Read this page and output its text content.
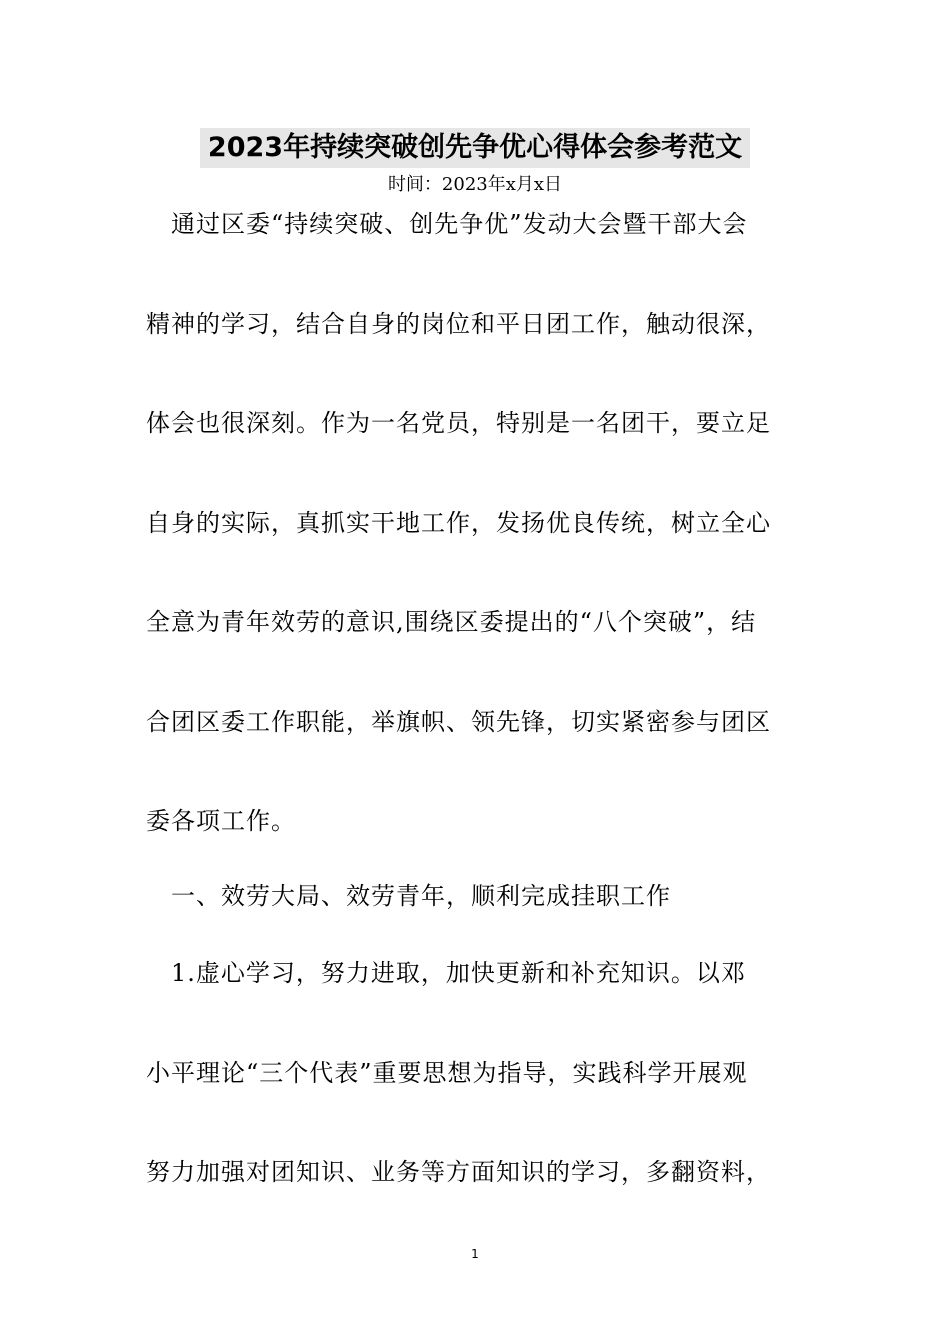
2023年持续突破创先争优心得体会参考范文
时间：2023年x月x日
　通过区委“持续突破、创先争优”发动大会暨干部大会
精神的学习，结合自身的岗位和平日团工作，触动很深，
体会也很深刻。作为一名党员，特别是一名团干，要立足
自身的实际，真抓实干地工作，发扬优良传统，树立全心
全意为青年效劳的意识,围绕区委提出的“八个突破”，结
合团区委工作职能，举旗帜、领先锋，切实紧密参与团区
委各项工作。
　一、效劳大局、效劳青年，顺利完成挂职工作
　1.虚心学习，努力进取，加快更新和补充知识。以邓
小平理论“三个代表”重要思想为指导，实践科学开展观
努力加强对团知识、业务等方面知识的学习，多翻资料，
1
